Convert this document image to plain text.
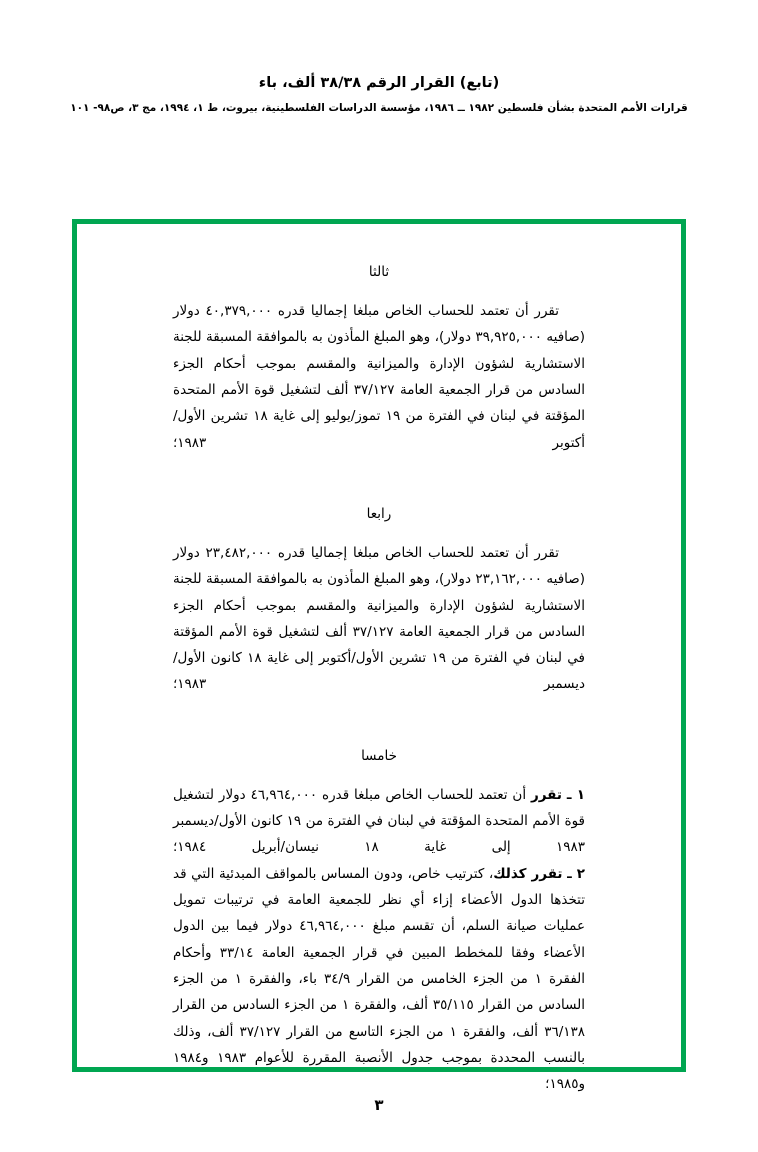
(تابع) القرار الرقم ٣٨/٣٨ ألف، باء
قرارات الأمم المتحدة بشأن فلسطين ١٩٨٢ ــ ١٩٨٦، مؤسسة الدراسات الفلسطينية، بيروت، ط ١، ١٩٩٤، مج ٣، ص٩٨- ١٠١
ثالثا

تقرر أن تعتمد للحساب الخاص مبلغا إجماليا قدره ٤٠,٣٧٩,٠٠٠ دولار (صافيه ٣٩,٩٢٥,٠٠٠ دولار)، وهو المبلغ المأذون به بالموافقة المسبقة للجنة الاستشارية لشؤون الإدارة والميزانية والمقسم بموجب أحكام الجزء السادس من قرار الجمعية العامة ٣٧/١٢٧ ألف لتشغيل قوة الأمم المتحدة المؤقتة في لبنان في الفترة من ١٩ تموز/يوليو إلى غاية ١٨ تشرين الأول/أكتوبر ١٩٨٣؛

رابعا

تقرر أن تعتمد للحساب الخاص مبلغا إجماليا قدره ٢٣,٤٨٢,٠٠٠ دولار (صافيه ٢٣,١٦٢,٠٠٠ دولار)، وهو المبلغ المأذون به بالموافقة المسبقة للجنة الاستشارية لشؤون الإدارة والميزانية والمقسم بموجب أحكام الجزء السادس من قرار الجمعية العامة ٣٧/١٢٧ ألف لتشغيل قوة الأمم المؤقتة في لبنان في الفترة من ١٩ تشرين الأول/أكتوبر إلى غاية ١٨ كانون الأول/ديسمبر ١٩٨٣؛

خامسا

١ ـ تقرر أن تعتمد للحساب الخاص مبلغا قدره ٤٦,٩٦٤,٠٠٠ دولار لتشغيل قوة الأمم المتحدة المؤقتة في لبنان في الفترة من ١٩ كانون الأول/ديسمبر ١٩٨٣ إلى غاية ١٨ نيسان/أبريل ١٩٨٤؛

٢ ـ تقرر كذلك، كترتيب خاص، ودون المساس بالمواقف المبدئية التي قد تتخذها الدول الأعضاء إزاء أي نظر للجمعية العامة في ترتيبات تمويل عمليات صيانة السلم، أن تقسم مبلغ ٤٦,٩٦٤,٠٠٠ دولار فيما بين الدول الأعضاء وفقا للمخطط المبين في قرار الجمعية العامة ٣٣/١٤ وأحكام الفقرة ١ من الجزء الخامس من القرار ٣٤/٩ باء، والفقرة ١ من الجزء السادس من القرار ٣٥/١١٥ ألف، والفقرة ١ من الجزء السادس من القرار ٣٦/١٣٨ ألف، والفقرة ١ من الجزء التاسع من القرار ٣٧/١٢٧ ألف، وذلك بالنسب المحددة بموجب جدول الأنصبة المقررة للأعوام ١٩٨٣ و١٩٨٤ و١٩٨٥؛

٣
